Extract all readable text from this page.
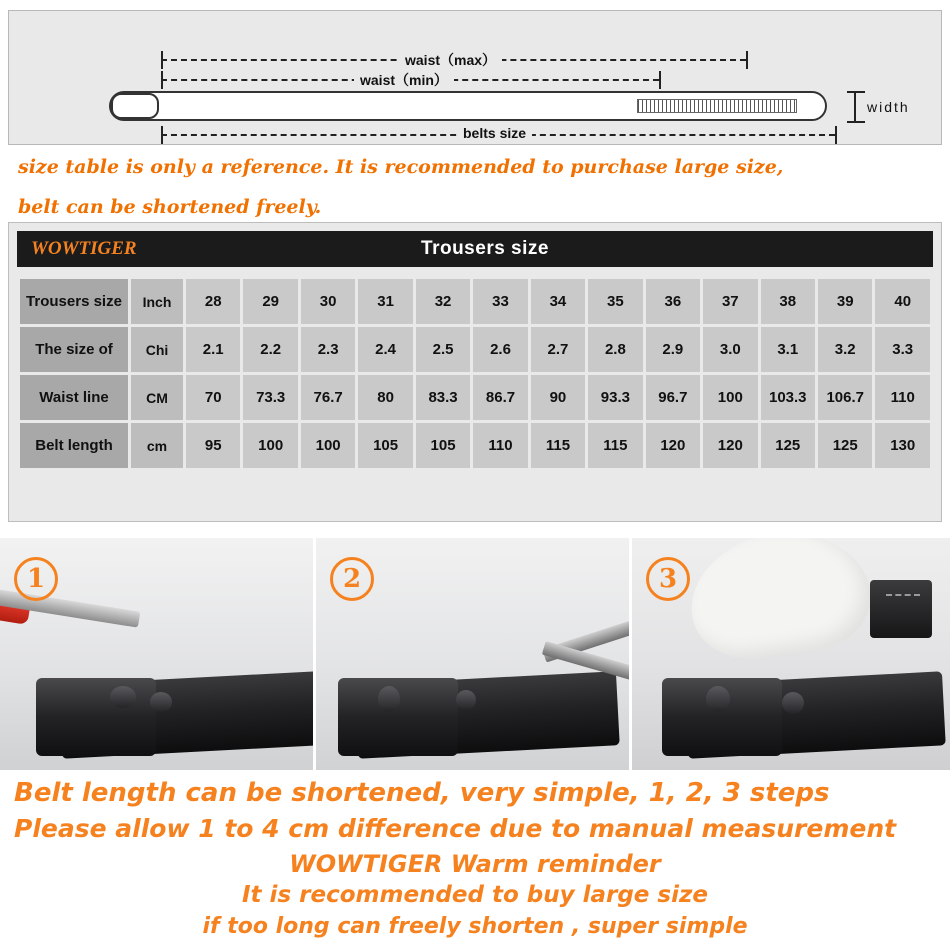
waist（max）
waist（min）
width
belts size
size table is only a reference. It is recommended to purchase large size,
belt can be shortened freely.
WOWTIGER	Trousers size
Trousers size	Inch	28	29	30	31	32	33	34	35	36	37	38	39	40
The size of	Chi	2.1	2.2	2.3	2.4	2.5	2.6	2.7	2.8	2.9	3.0	3.1	3.2	3.3
Waist line	CM	70	73.3	76.7	80	83.3	86.7	90	93.3	96.7	100	103.3	106.7	110
Belt length	cm	95	100	100	105	105	110	115	115	120	120	125	125	130
1	2	3
Belt length can be shortened, very simple, 1, 2, 3 steps
Please allow 1 to 4 cm difference due to manual measurement
WOWTIGER Warm reminder
It is recommended to buy large size
if too long can freely shorten , super simple
